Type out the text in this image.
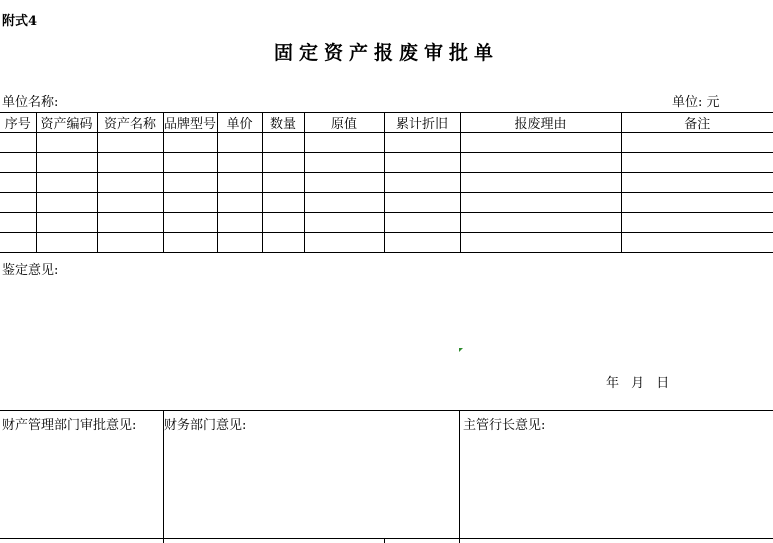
附式4
固定资产报废审批单
单位名称:	单位: 元
序号	资产编码	资产名称	品牌型号	单价	数量	原值	累计折旧	报废理由	备注

鉴定意见:
年 月 日
财产管理部门审批意见: 财务部门意见:	主管行长意见:
